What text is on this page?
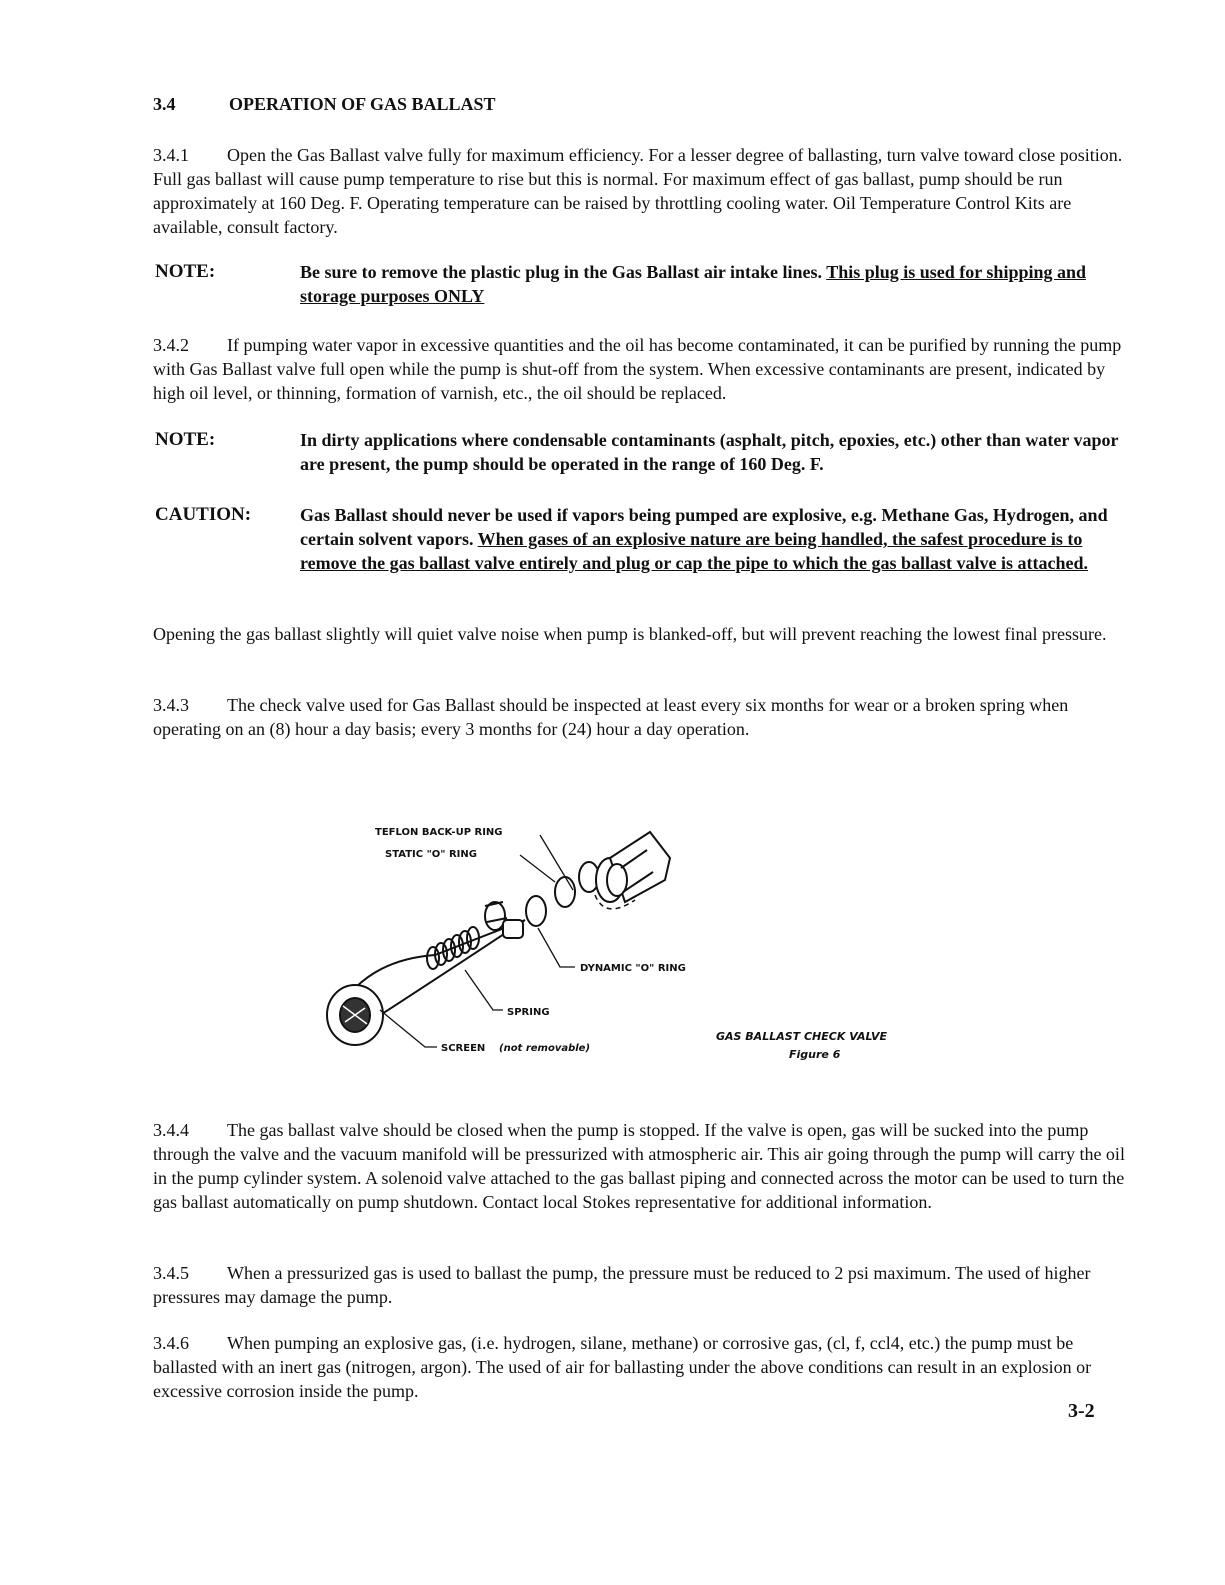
3.4	OPERATION OF GAS BALLAST

3.4.1 Open the Gas Ballast valve fully for maximum efficiency. For a lesser degree of ballasting, turn valve toward close position. Full gas ballast will cause pump temperature to rise but this is normal. For maximum effect of gas ballast, pump should be run approximately at 160 Deg. F. Operating temperature can be raised by throttling cooling water. Oil Temperature Control Kits are available, consult factory.

NOTE:	Be sure to remove the plastic plug in the Gas Ballast air intake lines. This plug is used for shipping and storage purposes ONLY

3.4.2 If pumping water vapor in excessive quantities and the oil has become contaminated, it can be purified by running the pump with Gas Ballast valve full open while the pump is shut-off from the system. When excessive contaminants are present, indicated by high oil level, or thinning, formation of varnish, etc., the oil should be replaced.

NOTE:	In dirty applications where condensable contaminants (asphalt, pitch, epoxies, etc.) other than water vapor are present, the pump should be operated in the range of 160 Deg. F.
CAUTION:	Gas Ballast should never be used if vapors being pumped are explosive, e.g. Methane Gas, Hydrogen, and certain solvent vapors. When gases of an explosive nature are being handled, the safest procedure is to remove the gas ballast valve entirely and plug or cap the pipe to which the gas ballast valve is attached.

Opening the gas ballast slightly will quiet valve noise when pump is blanked-off, but will prevent reaching the lowest final pressure.

3.4.3 The check valve used for Gas Ballast should be inspected at least every six months for wear or a broken spring when operating on an (8) hour a day basis; every 3 months for (24) hour a day operation.

TEFLON BACK-UP RING
STATIC "O" RING
DYNAMIC "O" RING
SPRING
SCREEN (not removable)
GAS BALLAST CHECK VALVE
Figure 6

3.4.4 The gas ballast valve should be closed when the pump is stopped. If the valve is open, gas will be sucked into the pump through the valve and the vacuum manifold will be pressurized with atmospheric air. This air going through the pump will carry the oil in the pump cylinder system. A solenoid valve attached to the gas ballast piping and connected across the motor can be used to turn the gas ballast automatically on pump shutdown. Contact local Stokes representative for additional information.

3.4.5 When a pressurized gas is used to ballast the pump, the pressure must be reduced to 2 psi maximum. The used of higher pressures may damage the pump.

3.4.6 When pumping an explosive gas, (i.e. hydrogen, silane, methane) or corrosive gas, (cl, f, ccl4, etc.) the pump must be ballasted with an inert gas (nitrogen, argon). The used of air for ballasting under the above conditions can result in an explosion or excessive corrosion inside the pump.

3-2
